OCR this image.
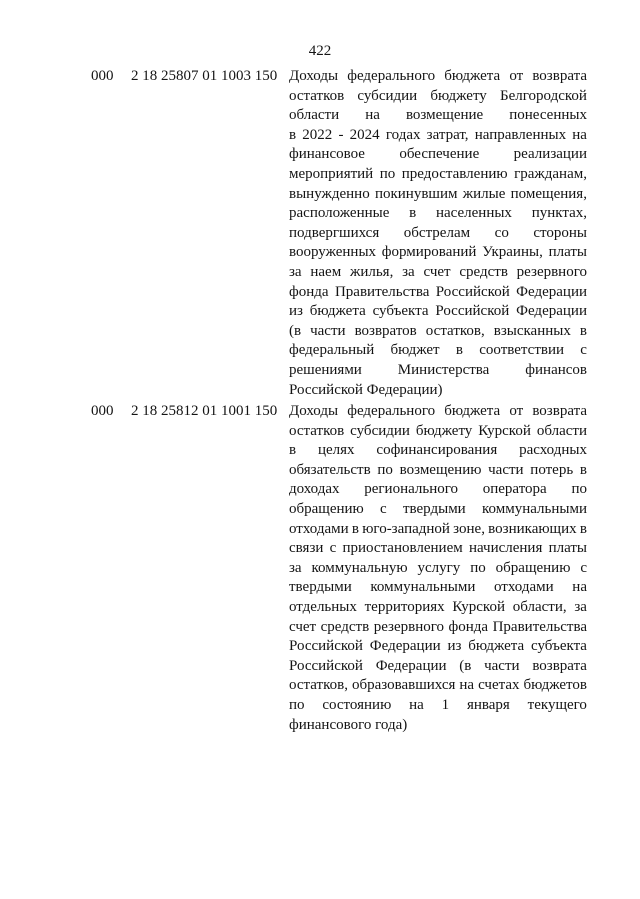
422
000 2 18 25807 01 1003 150 Доходы федерального бюджета от возврата
остатков субсидии бюджету Белгородской
области на возмещение понесенных
в 2022 - 2024 годах затрат, направленных на
финансовое обеспечение реализации
мероприятий по предоставлению гражданам,
вынужденно покинувшим жилые помещения,
расположенные в населенных пунктах,
подвергшихся обстрелам со стороны
вооруженных формирований Украины, платы
за наем жилья, за счет средств резервного
фонда Правительства Российской Федерации
из бюджета субъекта Российской Федерации
(в части возвратов остатков, взысканных в
федеральный бюджет в соответствии с
решениями Министерства финансов
Российской Федерации)
000 2 18 25812 01 1001 150 Доходы федерального бюджета от возврата
остатков субсидии бюджету Курской области
в целях софинансирования расходных
обязательств по возмещению части потерь в
доходах регионального оператора по
обращению с твердыми коммунальными
отходами в юго-западной зоне, возникающих в
связи с приостановлением начисления платы
за коммунальную услугу по обращению с
твердыми коммунальными отходами на
отдельных территориях Курской области, за
счет средств резервного фонда Правительства
Российской Федерации из бюджета субъекта
Российской Федерации (в части возврата
остатков, образовавшихся на счетах бюджетов
по состоянию на 1 января текущего
финансового года)
